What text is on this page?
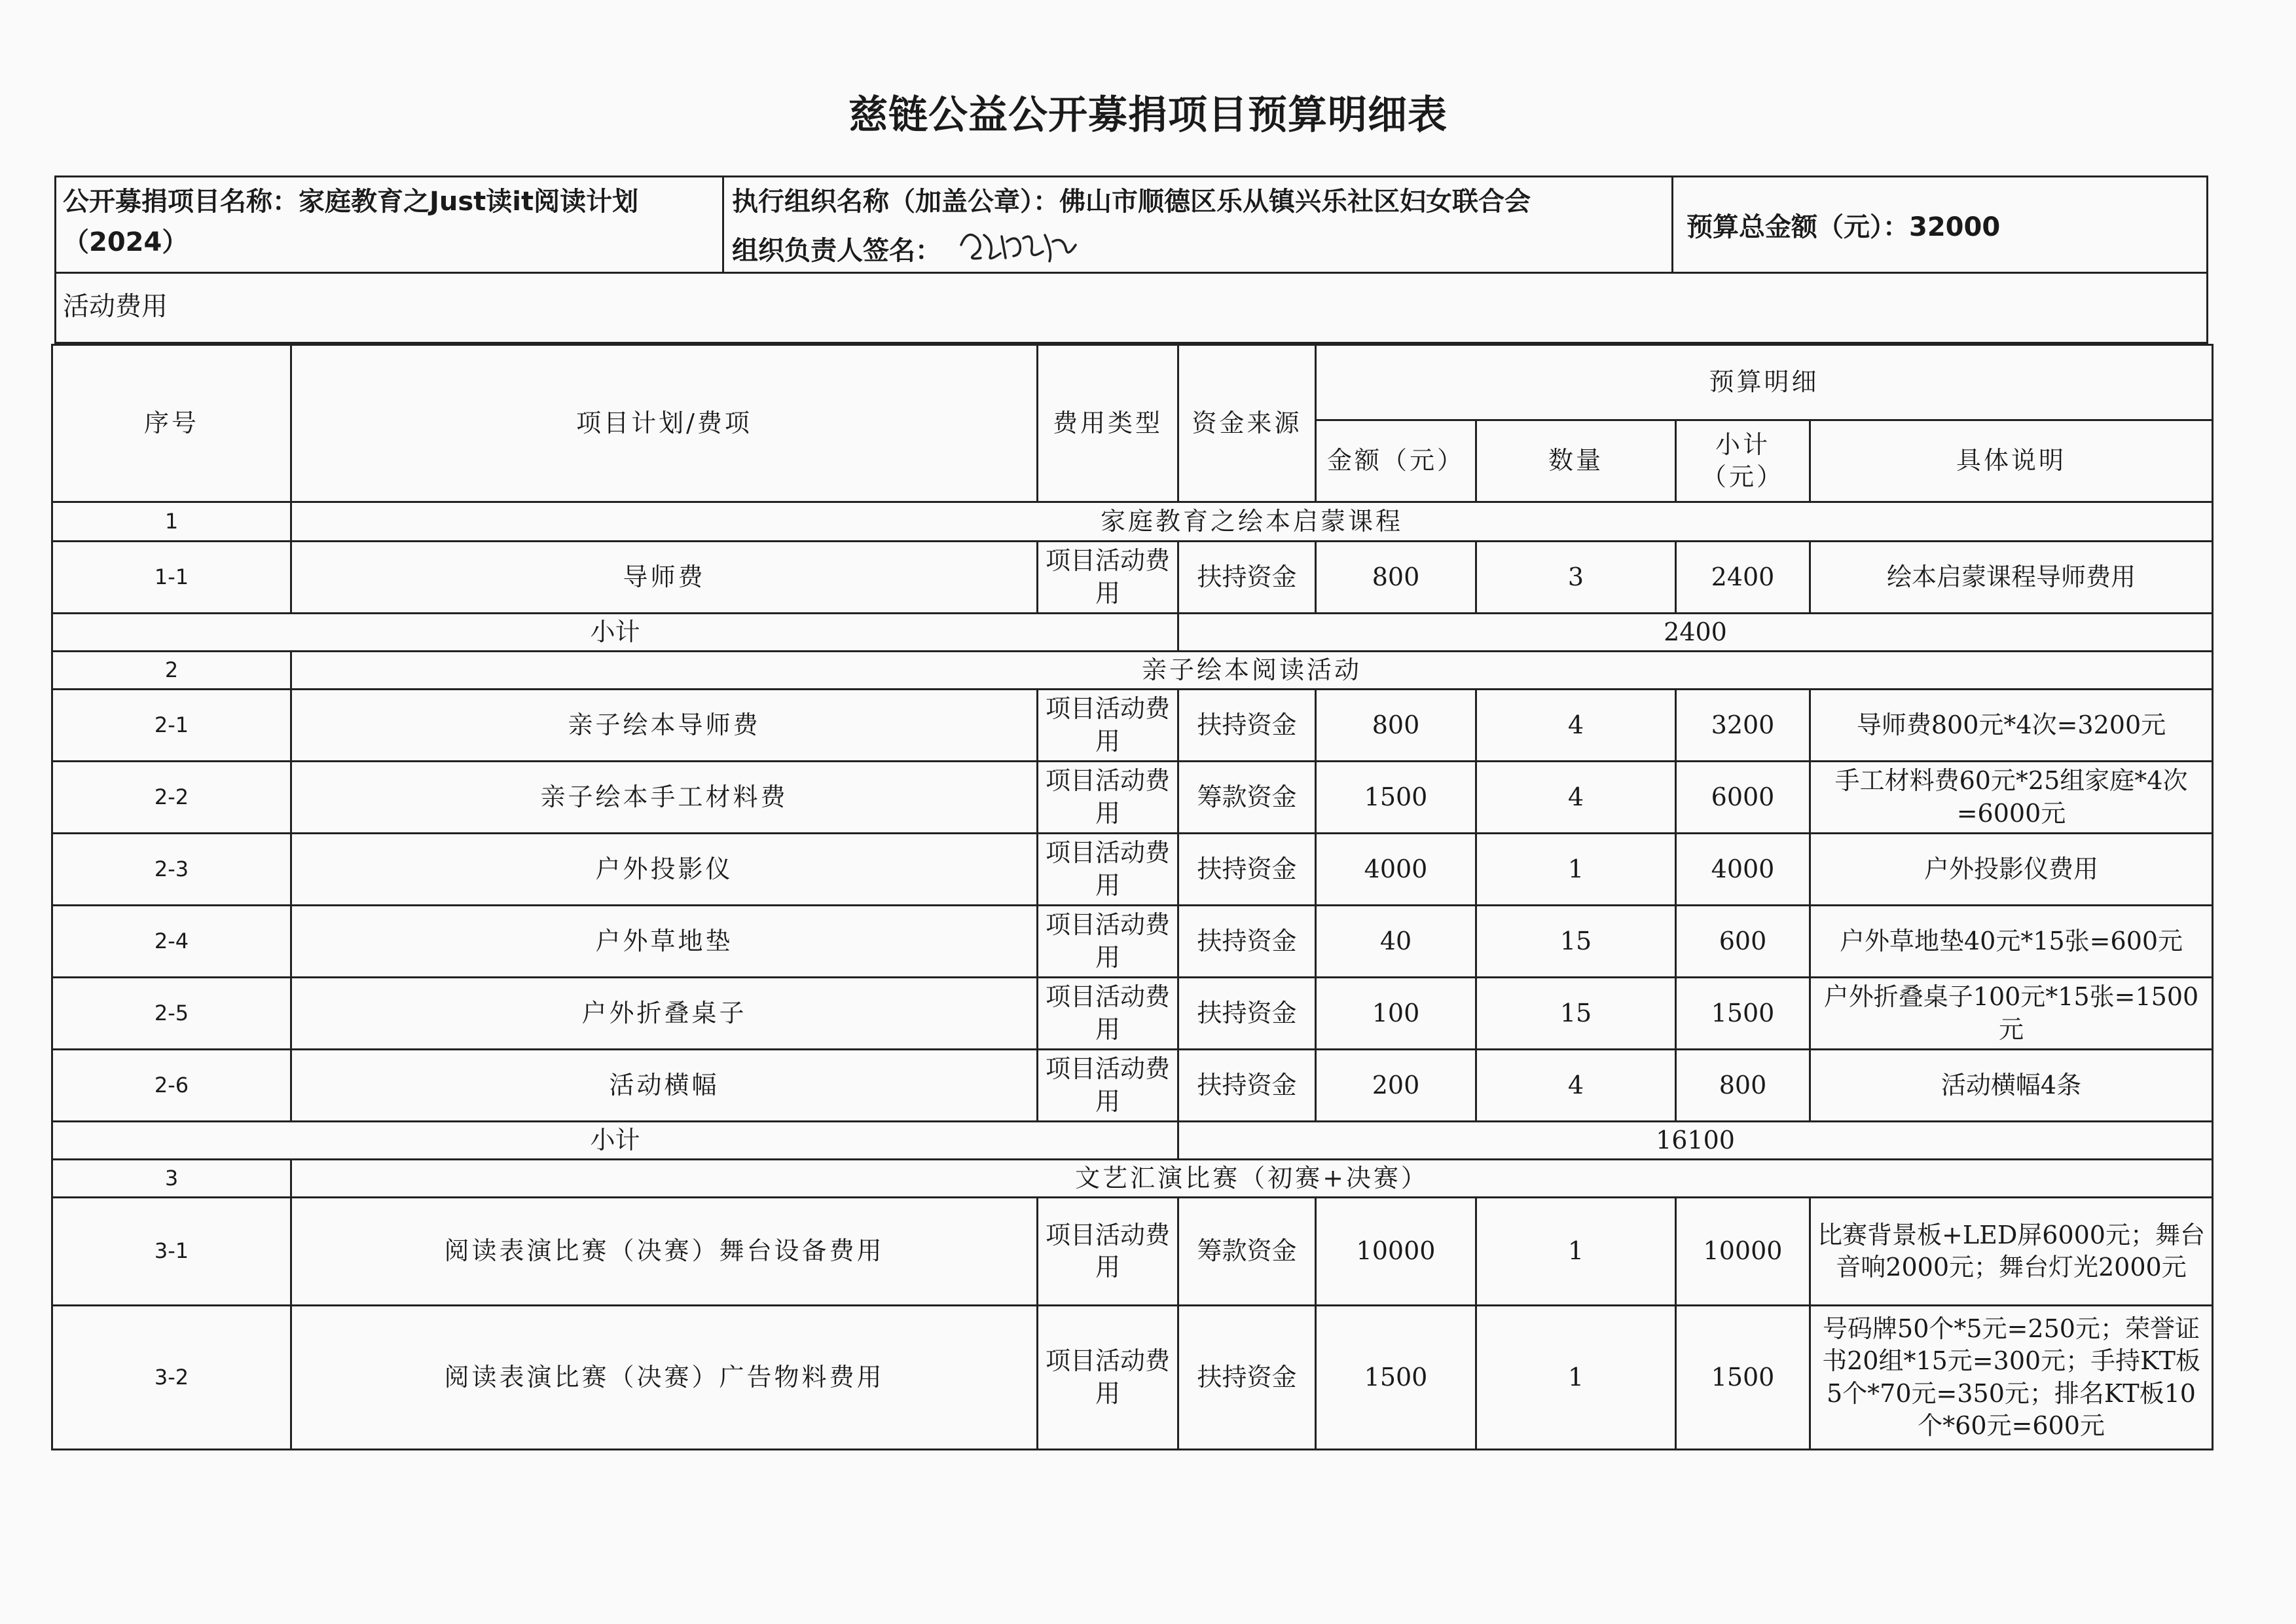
慈链公益公开募捐项目预算明细表
公开募捐项目名称：家庭教育之Just读it阅读计划
（2024）
执行组织名称（加盖公章）：佛山市顺德区乐从镇兴乐社区妇女联合会
组织负责人签名：
预算总金额（元）：32000
活动费用
序号	项目计划/费项	费用类型	资金来源	预算明细			
				金额（元）	数量	小计（元）	具体说明
1	家庭教育之绘本启蒙课程						
1-1	导师费	项目活动费用	扶持资金	800	3	2400	绘本启蒙课程导师费用
小计			2400				
2	亲子绘本阅读活动						
2-1	亲子绘本导师费	项目活动费用	扶持资金	800	4	3200	导师费800元*4次=3200元
2-2	亲子绘本手工材料费	项目活动费用	筹款资金	1500	4	6000	手工材料费60元*25组家庭*4次=6000元
2-3	户外投影仪	项目活动费用	扶持资金	4000	1	4000	户外投影仪费用
2-4	户外草地垫	项目活动费用	扶持资金	40	15	600	户外草地垫40元*15张=600元
2-5	户外折叠桌子	项目活动费用	扶持资金	100	15	1500	户外折叠桌子100元*15张=1500元
2-6	活动横幅	项目活动费用	扶持资金	200	4	800	活动横幅4条
小计			16100				
3	文艺汇演比赛（初赛+决赛）						
3-1	阅读表演比赛（决赛）舞台设备费用	项目活动费用	筹款资金	10000	1	10000	比赛背景板+LED屏6000元；舞台音响2000元；舞台灯光2000元
3-2	阅读表演比赛（决赛）广告物料费用	项目活动费用	扶持资金	1500	1	1500	号码牌50个*5元=250元；荣誉证书20组*15元=300元；手持KT板5个*70元=350元；排名KT板10个*60元=600元
